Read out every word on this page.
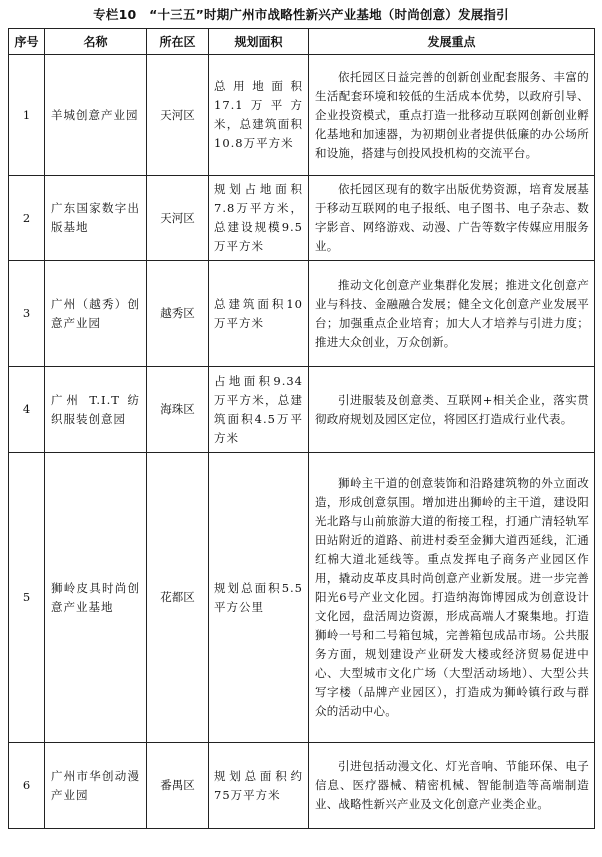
专栏10　“十三五”时期广州市战略性新兴产业基地（时尚创意）发展指引
序号	名称	所在区	规划面积	发展重点
1	羊城创意产业园	天河区	总用地面积17.1万平方米，总建筑面积10.8万平方米	依托园区日益完善的创新创业配套服务、丰富的生活配套环境和较低的生活成本优势，以政府引导、企业投资模式，重点打造一批移动互联网创新创业孵化基地和加速器，为初期创业者提供低廉的办公场所和设施，搭建与创投风投机构的交流平台。
2	广东国家数字出版基地	天河区	规划占地面积7.8万平方米，总建设规模9.5万平方米	依托园区现有的数字出版优势资源，培育发展基于移动互联网的电子报纸、电子图书、电子杂志、数字影音、网络游戏、动漫、广告等数字传媒应用服务业。
3	广州（越秀）创意产业园	越秀区	总建筑面积10万平方米	推动文化创意产业集群化发展；推进文化创意产业与科技、金融融合发展；健全文化创意产业发展平台；加强重点企业培育；加大人才培养与引进力度；推进大众创业，万众创新。
4	广州 T.I.T 纺织服装创意园	海珠区	占地面积9.34万平方米，总建筑面积4.5万平方米	引进服装及创意类、互联网+相关企业，落实贯彻政府规划及园区定位，将园区打造成行业代表。
5	狮岭皮具时尚创意产业基地	花都区	规划总面积5.5平方公里	狮岭主干道的创意装饰和沿路建筑物的外立面改造，形成创意氛围。增加进出狮岭的主干道，建设阳光北路与山前旅游大道的衔接工程，打通广清轻轨军田站附近的道路、前进村委至金狮大道西延线，汇通红棉大道北延线等。重点发挥电子商务产业园区作用，撬动皮革皮具时尚创意产业新发展。进一步完善阳光6号产业文化园。打造纳海饰博园成为创意设计文化园，盘活周边资源，形成高端人才聚集地。打造狮岭一号和二号箱包城，完善箱包成品市场。公共服务方面，规划建设产业研发大楼或经济贸易促进中心、大型城市文化广场（大型活动场地）、大型公共写字楼（品牌产业园区），打造成为狮岭镇行政与群众的活动中心。
6	广州市华创动漫产业园	番禺区	规划总面积约75万平方米	引进包括动漫文化、灯光音响、节能环保、电子信息、医疗器械、精密机械、智能制造等高端制造业、战略性新兴产业及文化创意产业类企业。
